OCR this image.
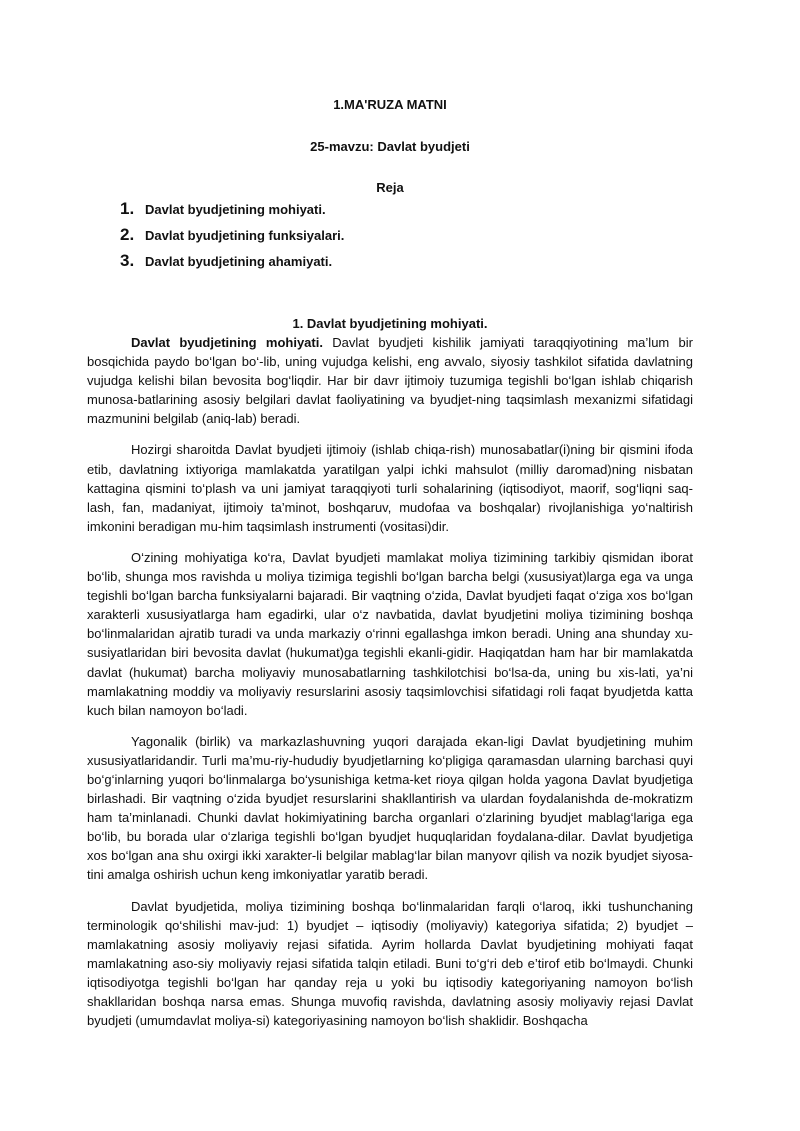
1.MA'RUZA MATNI
25-mavzu: Davlat byudjeti
Reja
1. Davlat byudjetining mohiyati.
2. Davlat byudjetining funksiyalari.
3. Davlat byudjetining ahamiyati.
1. Davlat byudjetining mohiyati.

Davlat byudjetining mohiyati. Davlat byudjeti kishilik jamiyati taraqqiyotining ma’lum bir bosqichida paydo bo‘lgan bo‘-lib, uning vujudga kelishi, eng avvalo, siyosiy tashkilot sifatida davlatning vujudga kelishi bilan bevosita bog‘liqdir. Har bir davr ijtimoiy tuzumiga tegishli bo‘lgan ishlab chiqarish munosa-batlarining asosiy belgilari davlat faoliyatining va byudjet-ning taqsimlash mexanizmi sifatidagi mazmunini belgilab (aniq-lab) beradi.

Hozirgi sharoitda Davlat byudjeti ijtimoiy (ishlab chiqa-rish) munosabatlar(i)ning bir qismini ifoda etib, davlatning ixtiyoriga mamlakatda yaratilgan yalpi ichki mahsulot (milliy daromad)ning nisbatan kattagina qismini to‘plash va uni jamiyat taraqqiyoti turli sohalarining (iqtisodiyot, maorif, sog‘liqni saq-lash, fan, madaniyat, ijtimoiy ta’minot, boshqaruv, mudofaa va boshqalar) rivojlanishiga yo‘naltirish imkonini beradigan mu-him taqsimlash instrumenti (vositasi)dir.

O‘zining mohiyatiga ko‘ra, Davlat byudjeti mamlakat moliya tizimining tarkibiy qismidan iborat bo‘lib, shunga mos ravishda u moliya tizimiga tegishli bo‘lgan barcha belgi (xususiyat)larga ega va unga tegishli bo‘lgan barcha funksiyalarni bajaradi. Bir vaqtning o‘zida, Davlat byudjeti faqat o‘ziga xos bo‘lgan xarakterli xususiyatlarga ham egadirki, ular o‘z navbatida, davlat byudjetini moliya tizimining boshqa bo‘linmalaridan ajratib turadi va unda markaziy o‘rinni egallashga imkon beradi. Uning ana shunday xu-susiyatlaridan biri bevosita davlat (hukumat)ga tegishli ekanli-gidir. Haqiqatdan ham har bir mamlakatda davlat (hukumat) barcha moliyaviy munosabatlarning tashkilotchisi bo‘lsa-da, uning bu xis-lati, ya’ni mamlakatning moddiy va moliyaviy resurslarini asosiy taqsimlovchisi sifatidagi roli faqat byudjetda katta kuch bilan namoyon bo‘ladi.

Yagonalik (birlik) va markazlashuvning yuqori darajada ekan-ligi Davlat byudjetining muhim xususiyatlaridandir. Turli ma’mu-riy-hududiy byudjetlarning ko‘pligiga qaramasdan ularning barchasi quyi bo‘g‘inlarning yuqori bo‘linmalarga bo‘ysunishiga ketma-ket rioya qilgan holda yagona Davlat byudjetiga birlashadi. Bir vaqtning o‘zida byudjet resurslarini shakllantirish va ulardan foydalanishda de-mokratizm ham ta’minlanadi. Chunki davlat hokimiyatining barcha organlari o‘zlarining byudjet mablag‘lariga ega bo‘lib, bu borada ular o‘zlariga tegishli bo‘lgan byudjet huquqlaridan foydalana-dilar. Davlat byudjetiga xos bo‘lgan ana shu oxirgi ikki xarakter-li belgilar mablag‘lar bilan manyovr qilish va nozik byudjet siyosa-tini amalga oshirish uchun keng imkoniyatlar yaratib beradi.

Davlat byudjetida, moliya tizimining boshqa bo‘linmalaridan farqli o‘laroq, ikki tushunchaning terminologik qo‘shilishi mav-jud: 1) byudjet – iqtisodiy (moliyaviy) kategoriya sifatida; 2) byudjet – mamlakatning asosiy moliyaviy rejasi sifatida. Ayrim hollarda Davlat byudjetining mohiyati faqat mamlakatning aso-siy moliyaviy rejasi sifatida talqin etiladi. Buni to‘g‘ri deb e’tirof etib bo‘lmaydi. Chunki iqtisodiyotga tegishli bo‘lgan har qanday reja u yoki bu iqtisodiy kategoriyaning namoyon bo‘lish shakllaridan boshqa narsa emas. Shunga muvofiq ravishda, davlatning asosiy moliyaviy rejasi Davlat byudjeti (umumdavlat moliya-si) kategoriyasining namoyon bo‘lish shaklidir. Boshqacha
